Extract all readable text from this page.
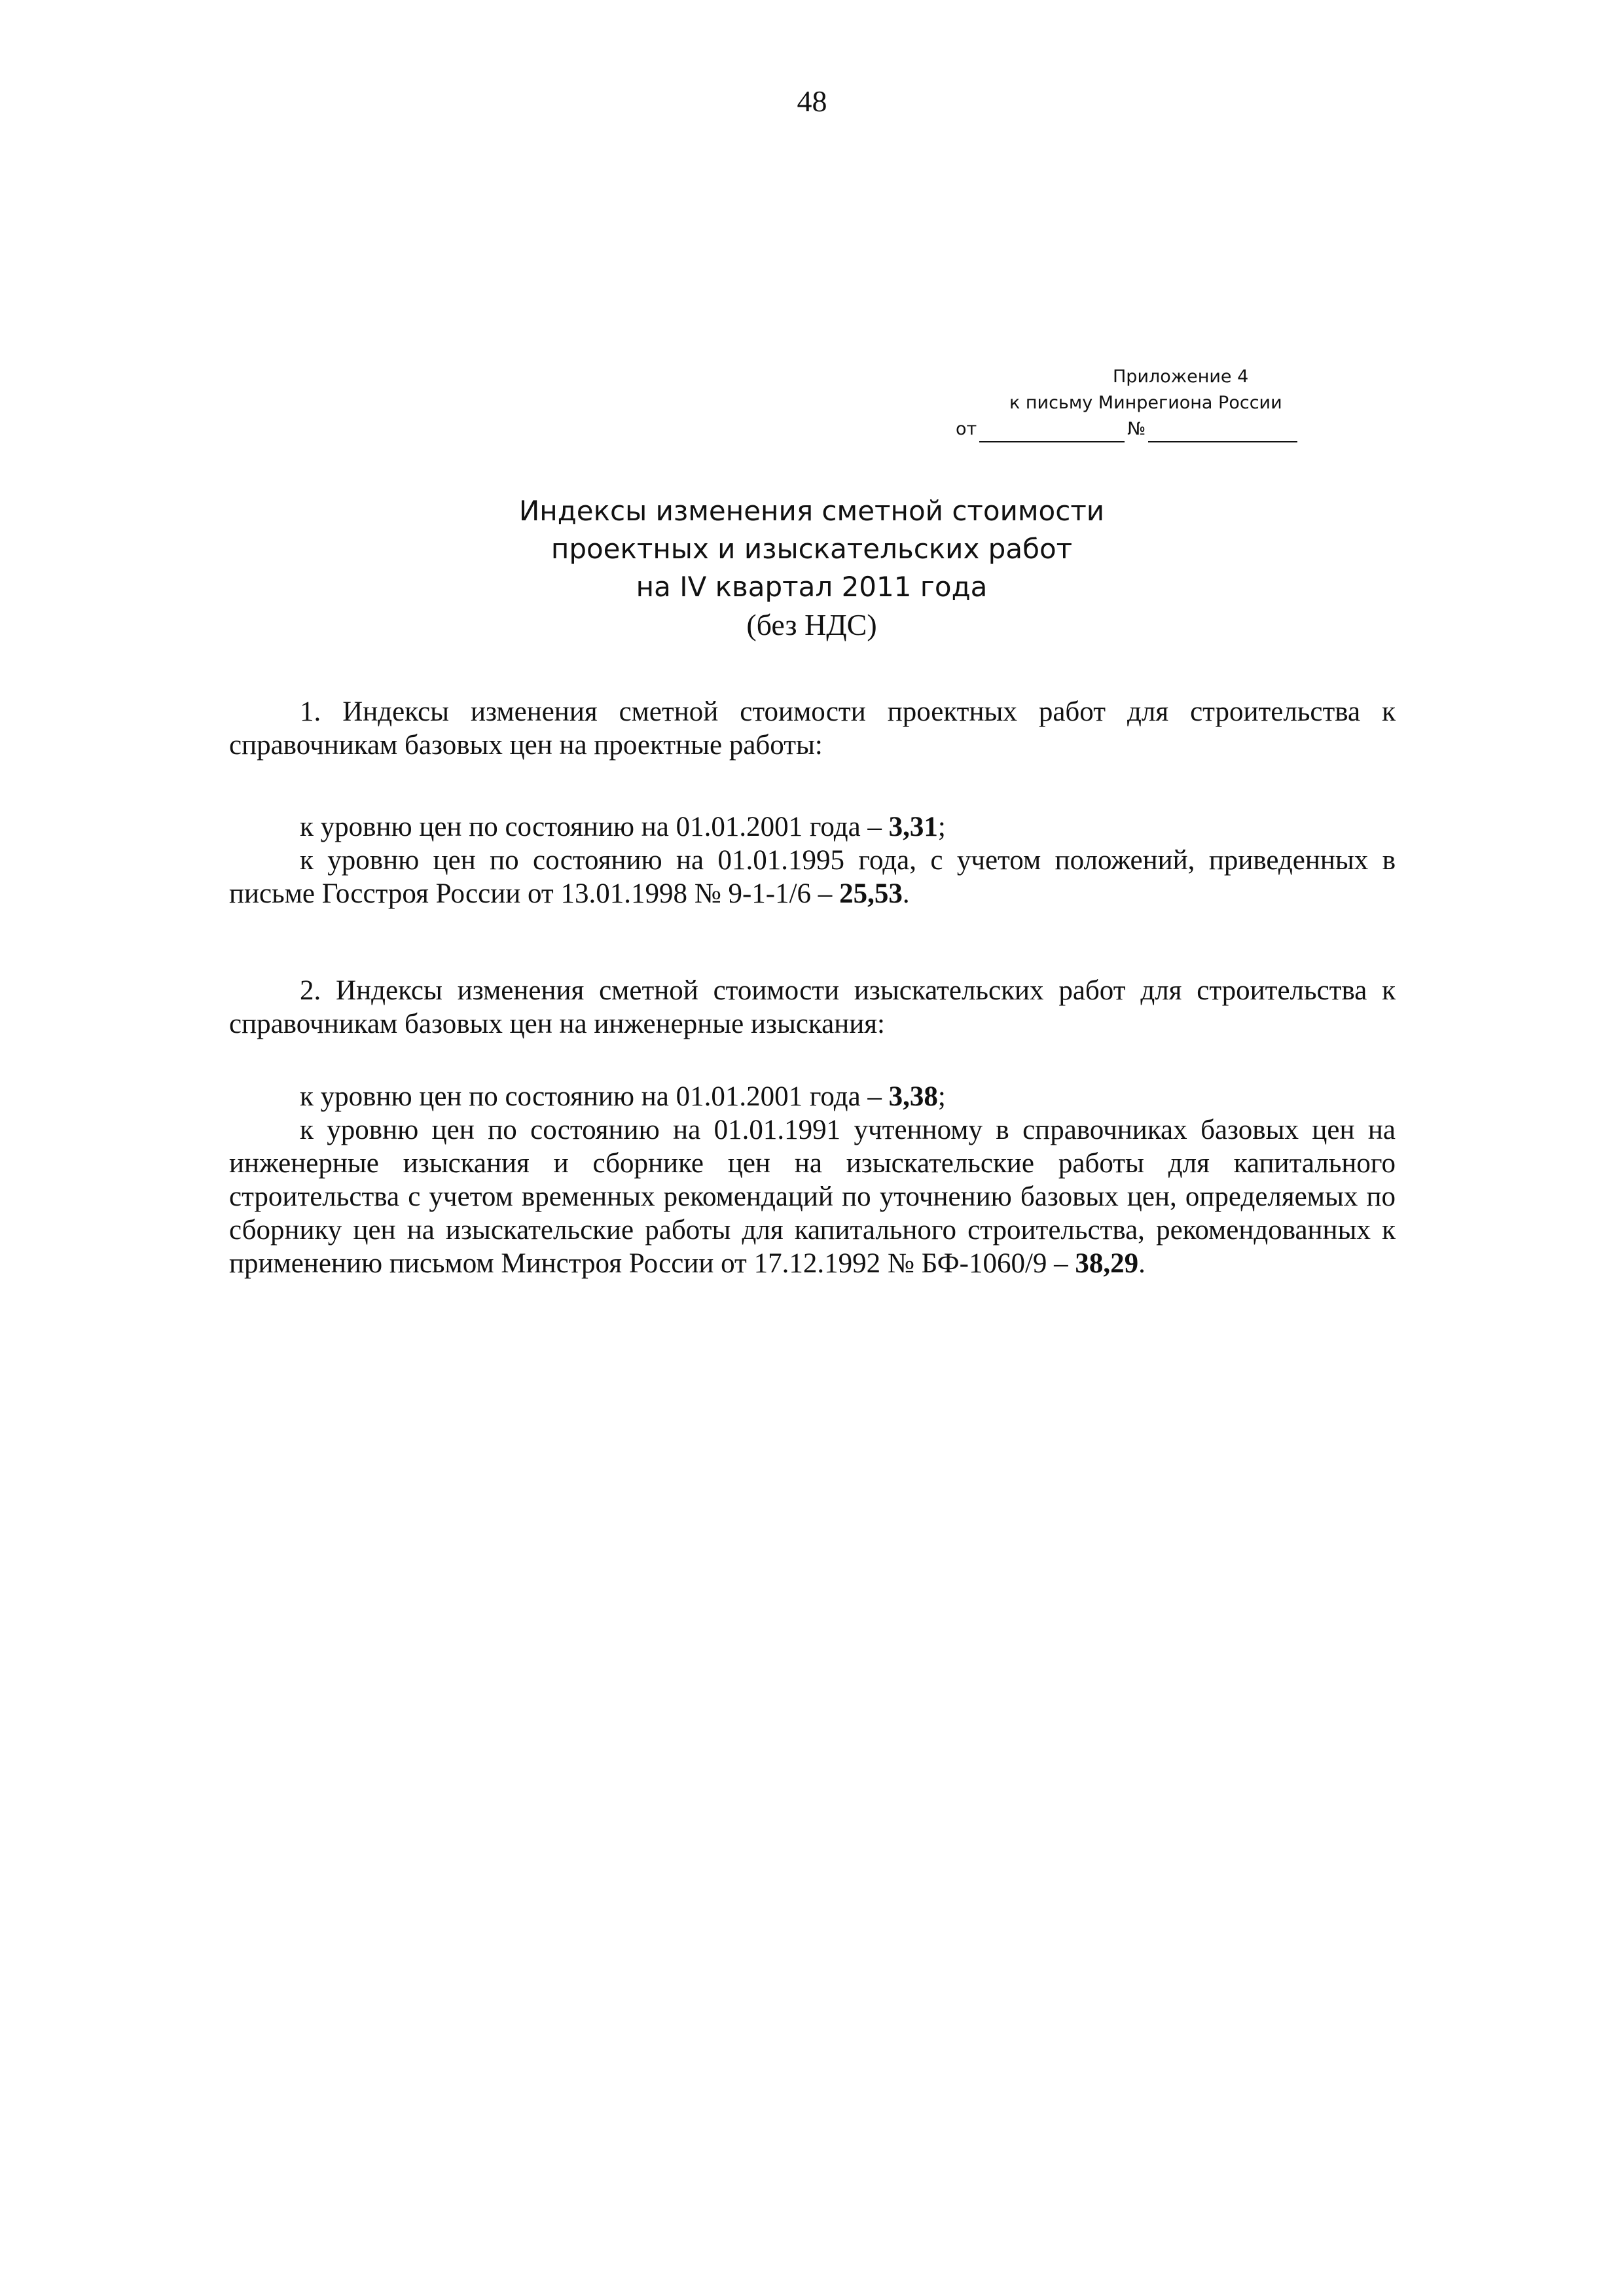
48
Приложение 4
к письму Минрегиона России
от	№
Индексы изменения сметной стоимости
проектных и изыскательских работ
на IV квартал 2011 года
(без НДС)

1. Индексы изменения сметной стоимости проектных работ для строительства к справочникам базовых цен на проектные работы:

к уровню цен по состоянию на 01.01.2001 года – 3,31;

к уровню цен по состоянию на 01.01.1995 года, с учетом положений, приведенных в письме Госстроя России от 13.01.1998 № 9-1-1/6 – 25,53.

2. Индексы изменения сметной стоимости изыскательских работ для строительства к справочникам базовых цен на инженерные изыскания:

к уровню цен по состоянию на 01.01.2001 года – 3,38;

к уровню цен по состоянию на 01.01.1991 учтенному в справочниках базовых цен на инженерные изыскания и сборнике цен на изыскательские работы для капитального строительства с учетом временных рекомендаций по уточнению базовых цен, определяемых по сборнику цен на изыскательские работы для капитального строительства, рекомендованных к применению письмом Минстроя России от 17.12.1992 № БФ-1060/9 – 38,29.
